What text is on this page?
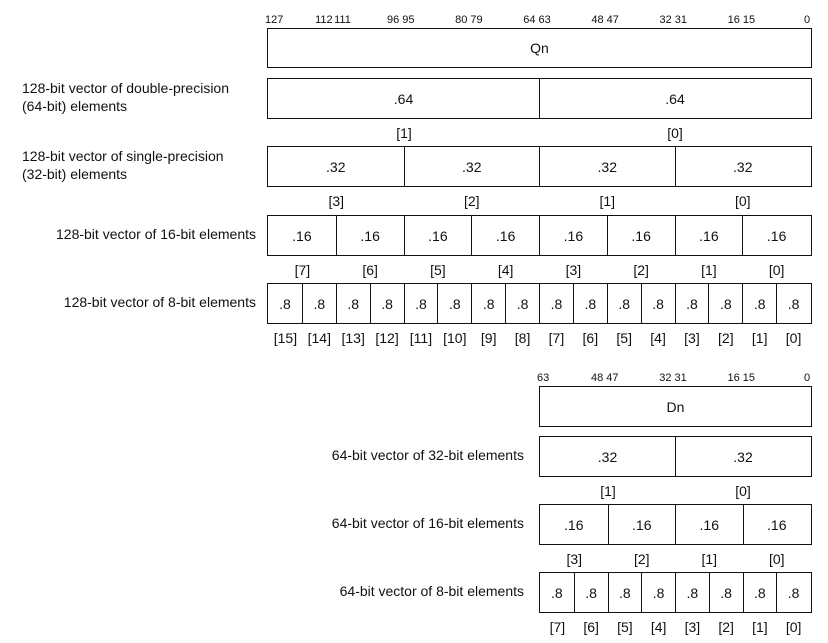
127	112 111	96 95	80 79	64 63	48 47	32 31	16 15	0
Qn
.64	.64
[1]	[0]
128-bit vector of double-precision
(64-bit) elements
.32	.32	.32	.32
[3]	[2]	[1]	[0]
128-bit vector of single-precision
(32-bit) elements
.16	.16	.16	.16	.16	.16	.16	.16
[7]	[6]	[5]	[4]	[3]	[2]	[1]	[0]
128-bit vector of 16-bit elements
.8	.8	.8	.8	.8	.8	.8	.8	.8	.8	.8	.8	.8	.8	.8	.8
[15] [14] [13] [12] [11] [10] [9] [8] [7] [6] [5] [4] [3] [2] [1] [0]
128-bit vector of 8-bit elements
63	48 47	32 31	16 15	0
Dn
.32	.32
[1]	[0]
64-bit vector of 32-bit elements
.16	.16	.16	.16
[3]	[2]	[1]	[0]
64-bit vector of 16-bit elements
.8	.8	.8	.8	.8	.8	.8	.8
[7] [6] [5] [4] [3] [2] [1] [0]
64-bit vector of 8-bit elements
